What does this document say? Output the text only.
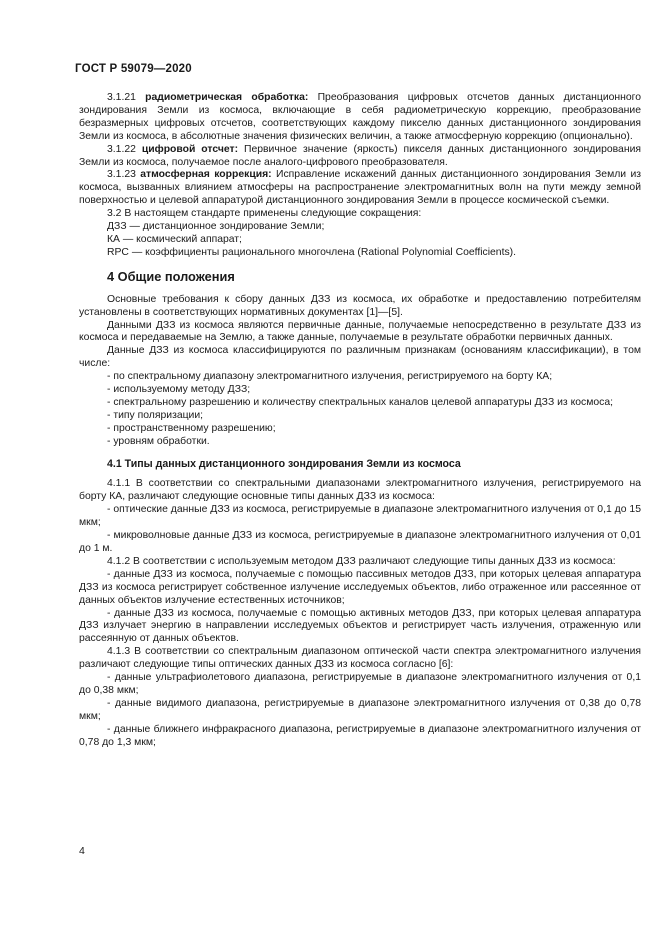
ГОСТ Р 59079—2020

3.1.21 радиометрическая обработка: Преобразования цифровых отсчетов данных дистанционного зондирования Земли из космоса, включающие в себя радиометрическую коррекцию, преобразование безразмерных цифровых отсчетов, соответствующих каждому пикселю данных дистанционного зондирования Земли из космоса, в абсолютные значения физических величин, а также атмосферную коррекцию (опционально).

3.1.22 цифровой отсчет: Первичное значение (яркость) пикселя данных дистанционного зондирования Земли из космоса, получаемое после аналого-цифрового преобразователя.

3.1.23 атмосферная коррекция: Исправление искажений данных дистанционного зондирования Земли из космоса, вызванных влиянием атмосферы на распространение электромагнитных волн на пути между земной поверхностью и целевой аппаратурой дистанционного зондирования Земли в процессе космической съемки.

3.2 В настоящем стандарте применены следующие сокращения:

ДЗЗ — дистанционное зондирование Земли;

КА — космический аппарат;

RPC — коэффициенты рационального многочлена (Rational Polynomial Coefficients).

4 Общие положения

Основные требования к сбору данных ДЗЗ из космоса, их обработке и предоставлению потребителям установлены в соответствующих нормативных документах [1]—[5].

Данными ДЗЗ из космоса являются первичные данные, получаемые непосредственно в результате ДЗЗ из космоса и передаваемые на Землю, а также данные, получаемые в результате обработки первичных данных.

Данные ДЗЗ из космоса классифицируются по различным признакам (основаниям классификации), в том числе:

- по спектральному диапазону электромагнитного излучения, регистрируемого на борту КА;

- используемому методу ДЗЗ;

- спектральному разрешению и количеству спектральных каналов целевой аппаратуры ДЗЗ из космоса;

- типу поляризации;

- пространственному разрешению;

- уровням обработки.

4.1 Типы данных дистанционного зондирования Земли из космоса

4.1.1 В соответствии со спектральными диапазонами электромагнитного излучения, регистрируемого на борту КА, различают следующие основные типы данных ДЗЗ из космоса:

- оптические данные ДЗЗ из космоса, регистрируемые в диапазоне электромагнитного излучения от 0,1 до 15 мкм;

- микроволновые данные ДЗЗ из космоса, регистрируемые в диапазоне электромагнитного излучения от 0,01 до 1 м.

4.1.2 В соответствии с используемым методом ДЗЗ различают следующие типы данных ДЗЗ из космоса:

- данные ДЗЗ из космоса, получаемые с помощью пассивных методов ДЗЗ, при которых целевая аппаратура ДЗЗ из космоса регистрирует собственное излучение исследуемых объектов, либо отраженное или рассеянное от данных объектов излучение естественных источников;

- данные ДЗЗ из космоса, получаемые с помощью активных методов ДЗЗ, при которых целевая аппаратура ДЗЗ излучает энергию в направлении исследуемых объектов и регистрирует часть излучения, отраженную или рассеянную от данных объектов.

4.1.3 В соответствии со спектральным диапазоном оптической части спектра электромагнитного излучения различают следующие типы оптических данных ДЗЗ из космоса согласно [6]:

- данные ультрафиолетового диапазона, регистрируемые в диапазоне электромагнитного излучения от 0,1 до 0,38 мкм;

- данные видимого диапазона, регистрируемые в диапазоне электромагнитного излучения от 0,38 до 0,78 мкм;

- данные ближнего инфракрасного диапазона, регистрируемые в диапазоне электромагнитного излучения от 0,78 до 1,3 мкм;

4
